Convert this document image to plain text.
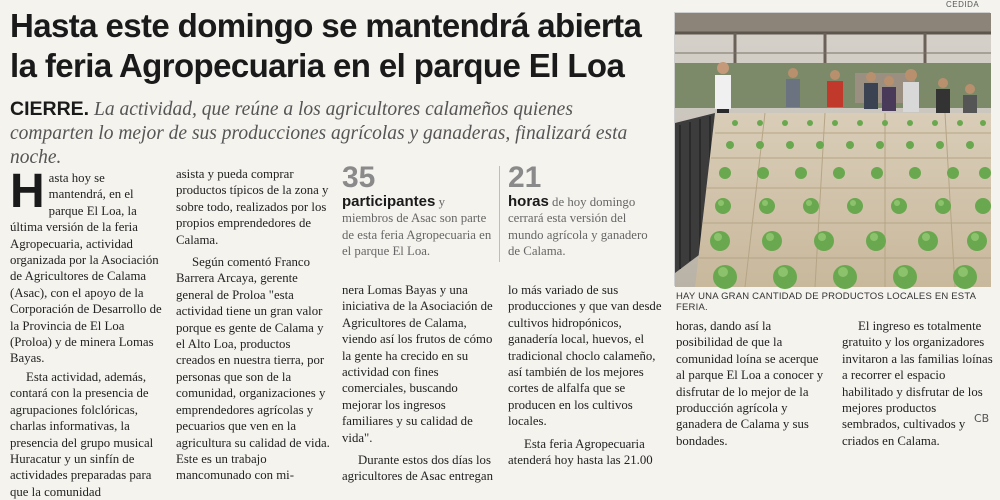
Hasta este domingo se mantendrá abierta la feria Agropecuaria en el parque El Loa
CIERRE. La actividad, que reúne a los agricultores calameños quienes comparten lo mejor de sus producciones agrícolas y ganaderas, finalizará esta noche.
H asta hoy se mantendrá, en el parque El Loa, la última versión de la feria Agropecuaria, actividad organizada por la Asociación de Agricultores de Calama (Asac), con el apoyo de la Corporación de Desarrollo de la Provincia de El Loa (Proloa) y de minera Lomas Bayas.

Esta actividad, además, contará con la presencia de agrupaciones folclóricas, charlas informativas, la presencia del grupo musical Huracatur y un sinfín de actividades preparadas para que la comunidad

asista y pueda comprar productos típicos de la zona y sobre todo, realizados por los propios emprendedores de Calama.

Según comentó Franco Barrera Arcaya, gerente general de Proloa "esta actividad tiene un gran valor porque es gente de Calama y el Alto Loa, productos creados en nuestra tierra, por personas que son de la comunidad, organizaciones y emprendedores agrícolas y pecuarios que ven en la agricultura su calidad de vida. Este es un trabajo mancomunado con mi-

35
participantes y miembros de Asac son parte de esta feria Agropecuaria en el parque El Loa.
21
horas de hoy domingo cerrará esta versión del mundo agrícola y ganadero de Calama.

nera Lomas Bayas y una iniciativa de la Asociación de Agricultores de Calama, viendo así los frutos de cómo la gente ha crecido en su actividad con fines comerciales, buscando mejorar los ingresos familiares y su calidad de vida".

Durante estos dos días los agricultores de Asac entregan

lo más variado de sus producciones y que van desde cultivos hidropónicos, ganadería local, huevos, el tradicional choclo calameño, así también de los mejores cortes de alfalfa que se producen en los cultivos locales.

Esta feria Agropecuaria atenderá hoy hasta las 21.00

horas, dando así la posibilidad de que la comunidad loína se acerque al parque El Loa a conocer y disfrutar de lo mejor de la producción agrícola y ganadera de Calama y sus bondades.

El ingreso es totalmente gratuito y los organizadores invitaron a las familias loínas a recorrer el espacio habilitado y disfrutar de los mejores productos sembrados, cultivados y criados en Calama.

CEDIDA
HAY UNA GRAN CANTIDAD DE PRODUCTOS LOCALES EN ESTA FERIA.
CB
